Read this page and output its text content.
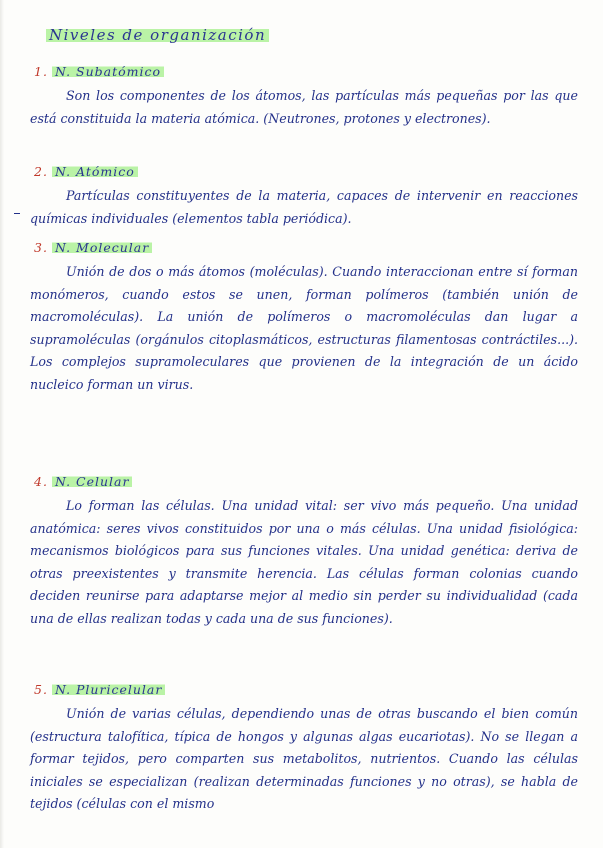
Niveles de organización
1. N. Subatómico

Son los componentes de los átomos, las partículas más pequeñas por las que está constituida la materia atómica. (Neutrones, protones y electrones).

2. N. Atómico

Partículas constituyentes de la materia, capaces de intervenir en reacciones químicas individuales (elementos tabla periódica).

3. N. Molecular

Unión de dos o más átomos (moléculas). Cuando interaccionan entre sí forman monómeros, cuando estos se unen, forman polímeros (también unión de macromoléculas). La unión de polímeros o macromoléculas dan lugar a supramoléculas (orgánulos citoplasmáticos, estructuras filamentosas contráctiles...). Los complejos supramoleculares que provienen de la integración de un ácido nucleico forman un virus.

4. N. Celular

Lo forman las células. Una unidad vital: ser vivo más pequeño. Una unidad anatómica: seres vivos constituidos por una o más células. Una unidad fisiológica: mecanismos biológicos para sus funciones vitales. Una unidad genética: deriva de otras preexistentes y transmite herencia. Las células forman colonias cuando deciden reunirse para adaptarse mejor al medio sin perder su individualidad (cada una de ellas realizan todas y cada una de sus funciones).

5. N. Pluricelular

Unión de varias células, dependiendo unas de otras buscando el bien común (estructura talofítica, típica de hongos y algunas algas eucariotas). No se llegan a formar tejidos, pero comparten sus metabolitos, nutrientos. Cuando las células iniciales se especializan (realizan determinadas funciones y no otras), se habla de tejidos (células con el mismo
